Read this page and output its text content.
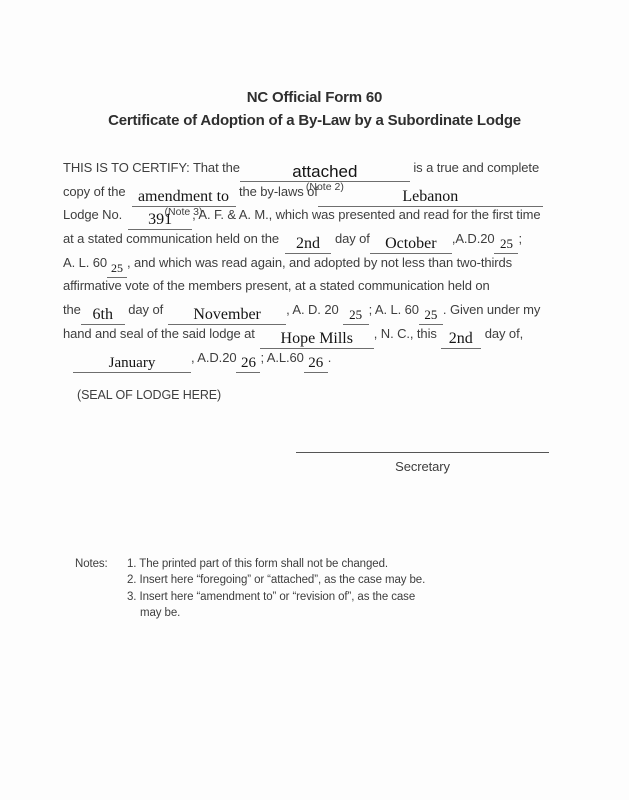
NC Official Form 60
Certificate of Adoption of a By-Law by a Subordinate Lodge

THIS IS TO CERTIFY: That the	attached
(Note 2)
is a true and complete

copy of the amendment to
(Note 3)
the by-laws of	Lebanon

Lodge No. 391 , A. F. & A. M., which was presented and read for the first time

at a stated communication held on the 2nd day of October ,A.D.20 25 ;

A. L. 60 25 , and which was read again, and adopted by not less than two-thirds

affirmative vote of the members present, at a stated communication held on

the 6th day of November , A. D. 20 25 ; A. L. 60 25 . Given under my

hand and seal of the said lodge at Hope Mills , N. C., this 2nd day of,

January	, A.D.20 26 ; A.L.60 26 .

(SEAL OF LODGE HERE)

Secretary
Notes:	1. The printed part of this form shall not be changed.
2. Insert here “foregoing” or “attached”, as the case may be.
3. Insert here “amendment to” or “revision of”, as the case
may be.
